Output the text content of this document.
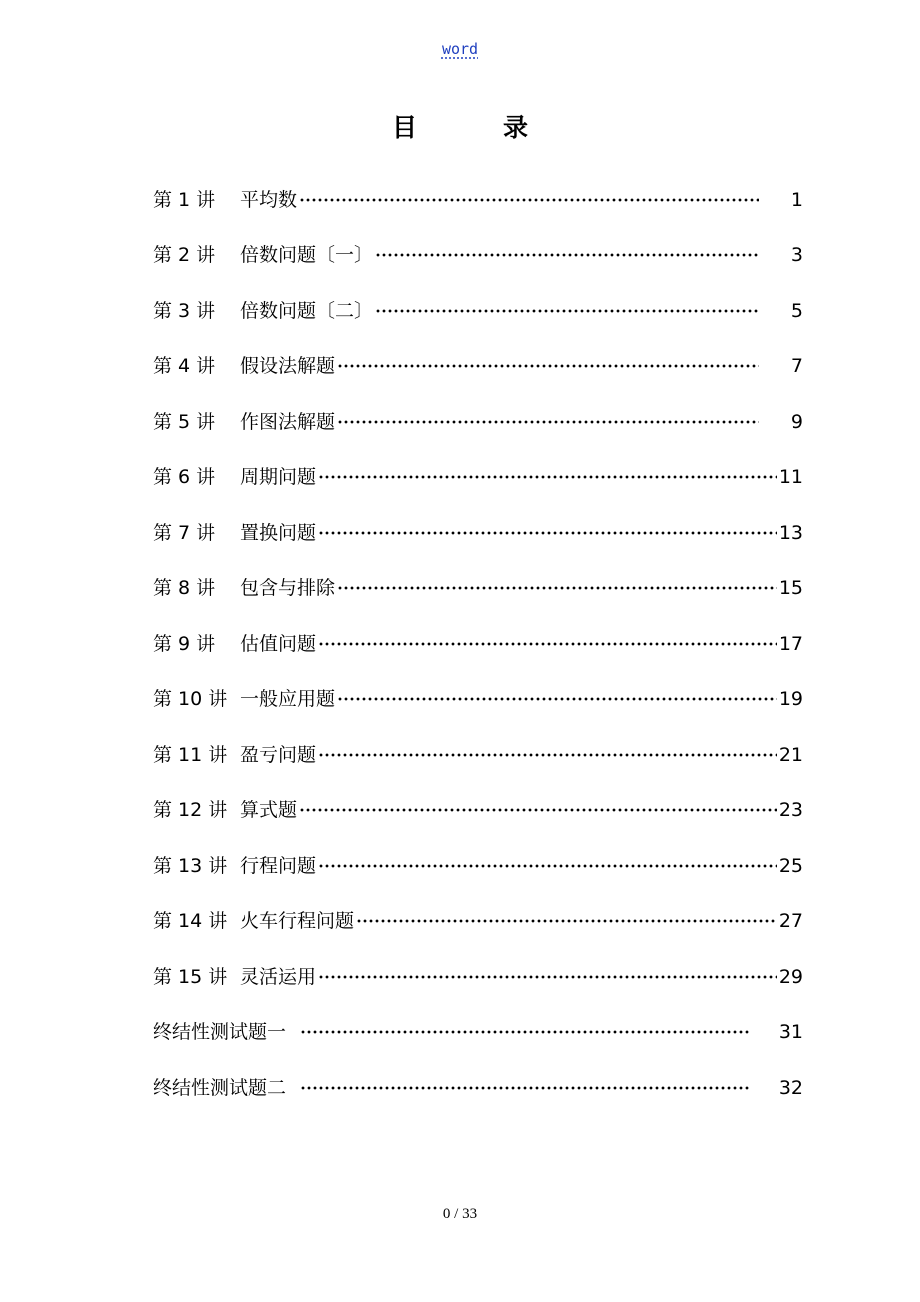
word
目	录
第 1 讲	平均数	1
第 2 讲	倍数问题〔一〕	3
第 3 讲	倍数问题〔二〕	5
第 4 讲	假设法解题	7
第 5 讲	作图法解题	9
第 6 讲	周期问题	11
第 7 讲	置换问题	13
第 8 讲	包含与排除	15
第 9 讲	估值问题	17
第 10 讲 一般应用题	19
第 11 讲 盈亏问题	21
第 12 讲 算式题	23
第 13 讲 行程问题	25
第 14 讲 火车行程问题	27
第 15 讲 灵活运用	29
终结性测试题一	31
终结性测试题二	32
0 / 33
